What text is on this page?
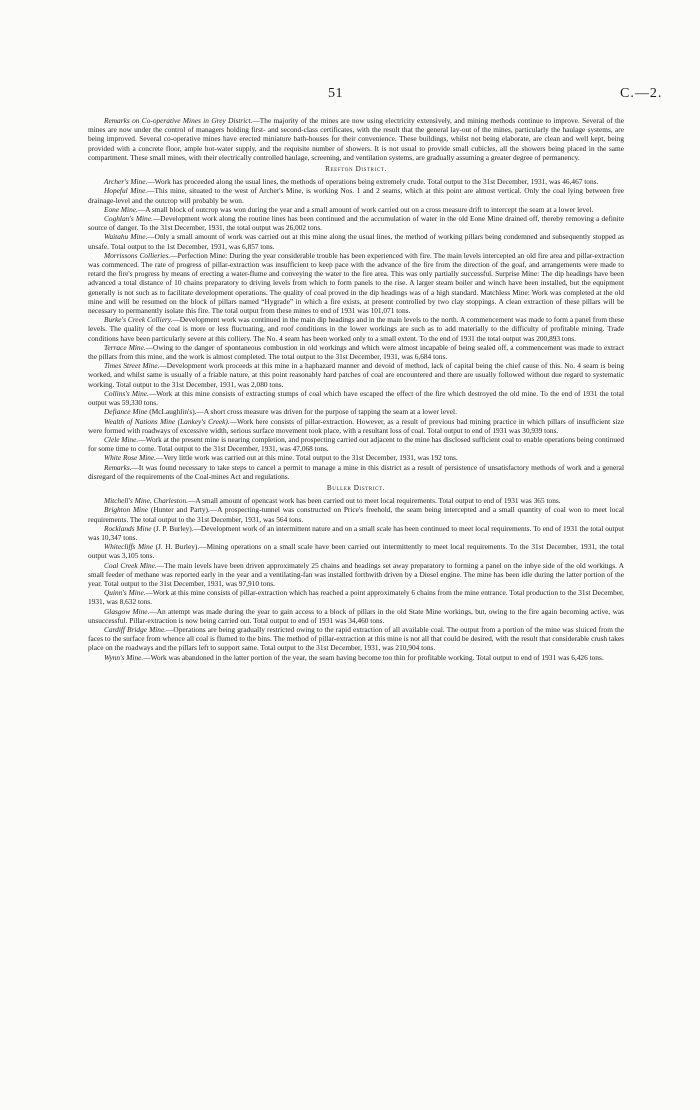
51	C.—2.

Remarks on Co-operative Mines in Grey District.—The majority of the mines are now using electricity extensively, and mining methods continue to improve. Several of the mines are now under the control of managers holding first- and second-class certificates, with the result that the general lay-out of the mines, particularly the haulage systems, are being improved. Several co-operative mines have erected miniature bath-houses for their convenience. These buildings, whilst not being elaborate, are clean and well kept, being provided with a concrete floor, ample hot-water supply, and the requisite number of showers. It is not usual to provide small cubicles, all the showers being placed in the same compartment. These small mines, with their electrically controlled haulage, screening, and ventilation systems, are gradually assuming a greater degree of permanency.

Reefton District.

Archer's Mine.—Work has proceeded along the usual lines, the methods of operations being extremely crude. Total output to the 31st December, 1931, was 46,467 tons.

Hopeful Mine.—This mine, situated to the west of Archer's Mine, is working Nos. 1 and 2 seams, which at this point are almost vertical. Only the coal lying between free drainage-level and the outcrop will probably be won.

Eone Mine.—A small block of outcrop was won during the year and a small amount of work carried out on a cross measure drift to intercept the seam at a lower level.

Coghlan's Mine.—Development work along the routine lines has been continued and the accumulation of water in the old Eone Mine drained off, thereby removing a definite source of danger. To the 31st December, 1931, the total output was 26,002 tons.

Waitahu Mine.—Only a small amount of work was carried out at this mine along the usual lines, the method of working pillars being condemned and subsequently stopped as unsafe. Total output to the 1st December, 1931, was 6,857 tons.

Morrissons Collieries.—Perfection Mine: During the year considerable trouble has been experienced with fire. The main levels intercepted an old fire area and pillar-extraction was commenced. The rate of progress of pillar-extraction was insufficient to keep pace with the advance of the fire from the direction of the goaf, and arrangements were made to retard the fire's progress by means of erecting a water-flume and conveying the water to the fire area. This was only partially successful. Surprise Mine: The dip headings have been advanced a total distance of 10 chains preparatory to driving levels from which to form panels to the rise. A larger steam boiler and winch have been installed, but the equipment generally is not such as to facilitate development operations. The quality of coal proved in the dip headings was of a high standard. Matchless Mine: Work was completed at the old mine and will be resumed on the block of pillars named “Hygrade” in which a fire exists, at present controlled by two clay stoppings. A clean extraction of these pillars will be necessary to permanently isolate this fire. The total output from these mines to end of 1931 was 101,071 tons.

Burke's Creek Colliery.—Development work was continued in the main dip headings and in the main levels to the north. A commencement was made to form a panel from these levels. The quality of the coal is more or less fluctuating, and roof conditions in the lower workings are such as to add materially to the difficulty of profitable mining. Trade conditions have been particularly severe at this colliery. The No. 4 seam has been worked only to a small extent. To the end of 1931 the total output was 200,893 tons.

Terrace Mine.—Owing to the danger of spontaneous combustion in old workings and which were almost incapable of being sealed off, a commencement was made to extract the pillars from this mine, and the work is almost completed. The total output to the 31st December, 1931, was 6,684 tons.

Times Street Mine.—Development work proceeds at this mine in a haphazard manner and devoid of method, lack of capital being the chief cause of this. No. 4 seam is being worked, and whilst same is usually of a friable nature, at this point reasonably hard patches of coal are encountered and there are usually followed without due regard to systematic working. Total output to the 31st December, 1931, was 2,080 tons.

Collins's Mine.—Work at this mine consists of extracting stumps of coal which have escaped the effect of the fire which destroyed the old mine. To the end of 1931 the total output was 59,330 tons.

Defiance Mine (McLaughlin's).—A short cross measure was driven for the purpose of tapping the seam at a lower level.

Wealth of Nations Mine (Lankey's Creek).—Work here consists of pillar-extraction. However, as a result of previous bad mining practice in which pillars of insufficient size were formed with roadways of excessive width, serious surface movement took place, with a resultant loss of coal. Total output to end of 1931 was 30,939 tons.

Clele Mine.—Work at the present mine is nearing completion, and prospecting carried out adjacent to the mine has disclosed sufficient coal to enable operations being continued for some time to come. Total output to the 31st December, 1931, was 47,068 tons.

White Rose Mine.—Very little work was carried out at this mine. Total output to the 31st December, 1931, was 192 tons.

Remarks.—It was found necessary to take steps to cancel a permit to manage a mine in this district as a result of persistence of unsatisfactory methods of work and a general disregard of the requirements of the Coal-mines Act and regulations.

Buller District.

Mitchell's Mine, Charleston.—A small amount of opencast work has been carried out to meet local requirements. Total output to end of 1931 was 365 tons.

Brighton Mine (Hunter and Party).—A prospecting-tunnel was constructed on Price's freehold, the seam being intercepted and a small quantity of coal won to meet local requirements. The total output to the 31st December, 1931, was 564 tons.

Rocklands Mine (J. P. Burley).—Development work of an intermittent nature and on a small scale has been continued to meet local requirements. To end of 1931 the total output was 10,347 tons.

Whitecliffs Mine (J. H. Burley).—Mining operations on a small scale have been carried out intermittently to meet local requirements. To the 31st December, 1931, the total output was 3,105 tons.

Coal Creek Mine.—The main levels have been driven approximately 25 chains and headings set away preparatory to forming a panel on the inbye side of the old workings. A small feeder of methane was reported early in the year and a ventilating-fan was installed forthwith driven by a Diesel engine. The mine has been idle during the latter portion of the year. Total output to the 31st December, 1931, was 97,910 tons.

Quinn's Mine.—Work at this mine consists of pillar-extraction which has reached a point approximately 6 chains from the mine entrance. Total production to the 31st December, 1931, was 8,632 tons.

Glasgow Mine.—An attempt was made during the year to gain access to a block of pillars in the old State Mine workings, but, owing to the fire again becoming active, was unsuccessful. Pillar-extraction is now being carried out. Total output to end of 1931 was 34,460 tons.

Cardiff Bridge Mine.—Operations are being gradually restricted owing to the rapid extraction of all available coal. The output from a portion of the mine was sluiced from the faces to the surface from whence all coal is flumed to the bins. The method of pillar-extraction at this mine is not all that could be desired, with the result that considerable crush takes place on the roadways and the pillars left to support same. Total output to the 31st December, 1931, was 210,904 tons.

Wynn's Mine.—Work was abandoned in the latter portion of the year, the seam having become too thin for profitable working. Total output to end of 1931 was 6,426 tons.
